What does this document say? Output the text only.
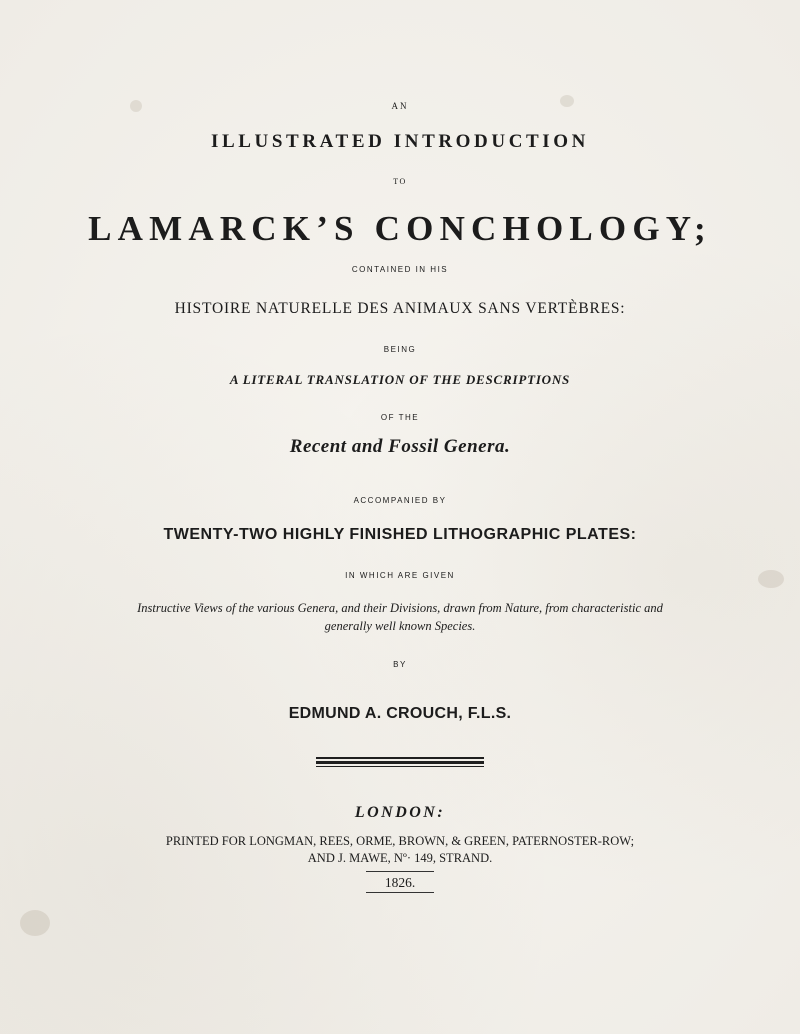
AN
ILLUSTRATED INTRODUCTION
TO
LAMARCK’S CONCHOLOGY;
CONTAINED IN HIS
HISTOIRE NATURELLE DES ANIMAUX SANS VERTÈBRES:
BEING
A LITERAL TRANSLATION OF THE DESCRIPTIONS
OF THE
Recent and Fossil Genera.
ACCOMPANIED BY
TWENTY-TWO HIGHLY FINISHED LITHOGRAPHIC PLATES:
IN WHICH ARE GIVEN
Instructive Views of the various Genera, and their Divisions, drawn from Nature, from characteristic and
generally well known Species.
BY
EDMUND A. CROUCH, F.L.S.
LONDON:
PRINTED FOR LONGMAN, REES, ORME, BROWN, & GREEN, PATERNOSTER-ROW;
AND J. MAWE, Nº· 149, STRAND.
1826.
